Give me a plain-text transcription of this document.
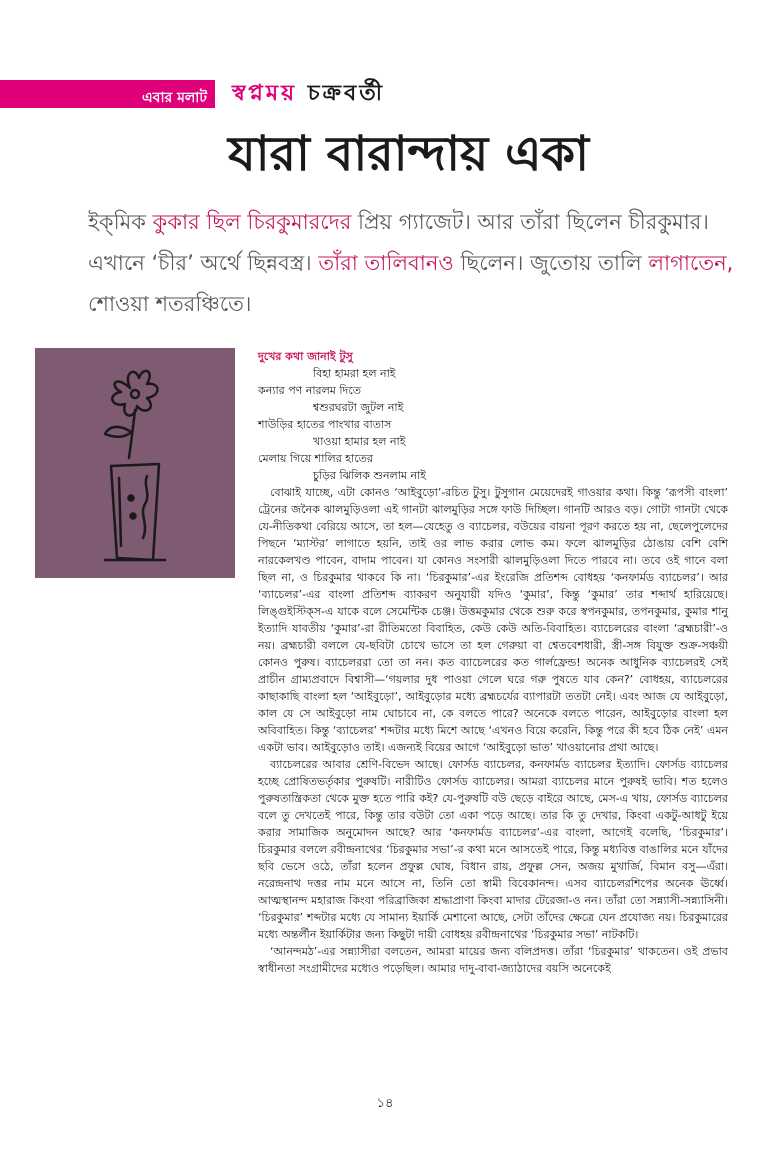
এবার মলাট স্বপ্নময় চক্রবর্তী
যারা বারান্দায় একা
ইক্‌মিক কুকার ছিল চিরকুমারদের প্রিয় গ্যাজেট। আর তাঁরা ছিলেন চীরকুমার। এখানে ‘চীর’ অর্থে ছিন্নবস্ত্র। তাঁরা তালিবানও ছিলেন। জুতোয় তালি লাগাতেন, শোওয়া শতরঞ্চিতে।
দুখের কথা জানাই টুসু
বিহা হামরা হল নাই
কন্যার পণ নারলম দিতে
শ্বশুরঘরটা জুটল নাই
শাউড়ির হাতের পাংখার বাতাস
খাওয়া হামার হল নাই
মেলায় গিয়ে শালির হাতের
চুড়ির ঝিলিক শুনলাম নাই

বোঝাই যাচ্ছে, এটা কোনও ‘আইবুড়ো’-রচিত টুসু। টুসুগান মেয়েদেরই গাওয়ার কথা। কিন্তু ‘রূপসী বাংলা’ ট্রেনের জনৈক ঝালমুড়িওলা এই গানটা ঝালমুড়ির সঙ্গে ফাউ দিচ্ছিল। গানটি আরও বড়। গোটা গানটা থেকে যে-নীতিকথা বেরিয়ে আসে, তা হল—যেহেতু ও ব্যাচেলর, বউয়ের বায়না পূরণ করতে হয় না, ছেলেপুলেদের পিছনে ‘ম্যাস্টর’ লাগাতে হয়নি, তাই ওর লাভ করার লোভ কম। ফলে ঝালমুড়ির ঠোঙায় বেশি বেশি নারকেলখণ্ড পাবেন, বাদাম পাবেন। যা কোনও সংসারী ঝালমুড়িওলা দিতে পারবে না। তবে ওই গানে বলা ছিল না, ও চিরকুমার থাকবে কি না। ‘চিরকুমার’-এর ইংরেজি প্রতিশব্দ বোধহয় ‘কনফার্মড ব্যাচেলর’। আর ‘ব্যাচেলর’-এর বাংলা প্রতিশব্দ ব্যাকরণ অনুযায়ী যদিও ‘কুমার’, কিন্তু ‘কুমার’ তার শব্দার্থ হারিয়েছে। লিঙ্গুইস্টিক্‌স-এ যাকে বলে সেমেন্টিক চেঞ্জ। উত্তমকুমার থেকে শুরু করে স্বপনকুমার, তপনকুমার, কুমার শানু ইত্যাদি যাবতীয় ‘কুমার’-রা রীতিমতো বিবাহিত, কেউ কেউ অতি-বিবাহিত। ব্যাচেলরের বাংলা ‘ব্রহ্মচারী’-ও নয়। ব্রহ্মচারী বললে যে-ছবিটা চোখে ভাসে তা হল গেরুয়া বা শ্বেতবেশধারী, স্ত্রী-সঙ্গ বিযুক্ত শুক্র-সঞ্চয়ী কোনও পুরুষ। ব্যাচেলররা তো তা নন। কত ব্যাচেলরের কত গার্লফ্রেন্ড! অনেক আধুনিক ব্যাচেলরই সেই প্রাচীন গ্রাম্যপ্রবাদে বিশ্বাসী—‘গয়লার দুধ পাওয়া গেলে ঘরে গরু পুষতে যাব কেন?’ বোধহয়, ব্যাচেলরের কাছাকাছি বাংলা হল ‘আইবুড়ো’, আইবুড়োর মধ্যে ব্রহ্মচর্যের ব্যাপারটা ততটা নেই। এবং আজ যে আইবুড়ো, কাল যে সে আইবুড়ো নাম ঘোচাবে না, কে বলতে পারে? অনেকে বলতে পারেন, আইবুড়োর বাংলা হল অবিবাহিত। কিন্তু ‘ব্যাচেলর’ শব্দটার মধ্যে মিশে আছে ‘এখনও বিয়ে করেনি, কিন্তু পরে কী হবে ঠিক নেই’ এমন একটা ভাব। আইবুড়োও তাই। এজন্যই বিয়ের আগে ‘আইবুড়ো ভাত’ খাওয়ানোর প্রথা আছে।

ব্যাচেলরের আবার শ্রেণি-বিভেদ আছে। ফোর্সড ব্যাচেলর, কনফার্মড ব্যাচেলর ইত্যাদি। ফোর্সড ব্যাচেলর হচ্ছে প্রোষিতভর্তৃকার পুরুষটি। নারীটিও ফোর্সড ব্যাচেলর। আমরা ব্যাচেলর মানে পুরুষই ভাবি। শত হলেও পুরুষতান্ত্রিকতা থেকে মুক্ত হতে পারি কই? যে-পুরুষটি বউ ছেড়ে বাইরে আছে, মেস-এ খায়, ফোর্সড ব্যাচেলর বলে তু দেখতেই পারে, কিন্তু তার বউটা তো একা পড়ে আছে। তার কি তু দেখার, কিংবা একটু-আধটু ইয়ে করার সামাজিক অনুমোদন আছে? আর ‘কনফার্মড ব্যাচেলর’-এর বাংলা, আগেই বলেছি, ‘চিরকুমার’। চিরকুমার বললে রবীন্দ্রনাথের ‘চিরকুমার সভা’-র কথা মনে আসতেই পারে, কিন্তু মধ্যবিত্ত বাঙালির মনে যাঁদের ছবি ভেসে ওঠে, তাঁরা হলেন প্রফুল্ল ঘোষ, বিধান রায়, প্রফুল্ল সেন, অজয় মুখার্জি, বিমান বসু—এঁরা। নরেন্দ্রনাথ দত্তর নাম মনে আসে না, তিনি তো স্বামী বিবেকানন্দ। এসব ব্যাচেলরশিপের অনেক ঊর্ধ্বে। আত্মস্থানন্দ মহারাজ কিংবা পরিব্রাজিকা শ্রদ্ধাপ্রাণা কিংবা মাদার টেরেজা-ও নন। তাঁরা তো সন্ন্যাসী-সন্ন্যাসিনী। ‘চিরকুমার’ শব্দটার মধ্যে যে সামান্য ইয়ার্কি মেশানো আছে, সেটা তাঁদের ক্ষেত্রে যেন প্রযোজ্য নয়। চিরকুমারের মধ্যে অন্তর্লীন ইয়ার্কিটার জন্য কিছুটা দায়ী বোধহয় রবীন্দ্রনাথের ‘চিরকুমার সভা’ নাটকটি।

‘আনন্দমঠ’-এর সন্ন্যাসীরা বলতেন, আমরা মায়ের জন্য বলিপ্রদত্ত। তাঁরা ‘চিরকুমার’ থাকতেন। ওই প্রভাব স্বাধীনতা সংগ্রামীদের মধ্যেও পড়েছিল। আমার দাদু-বাবা-জ্যাঠাদের বয়সি অনেকেই

১৪
